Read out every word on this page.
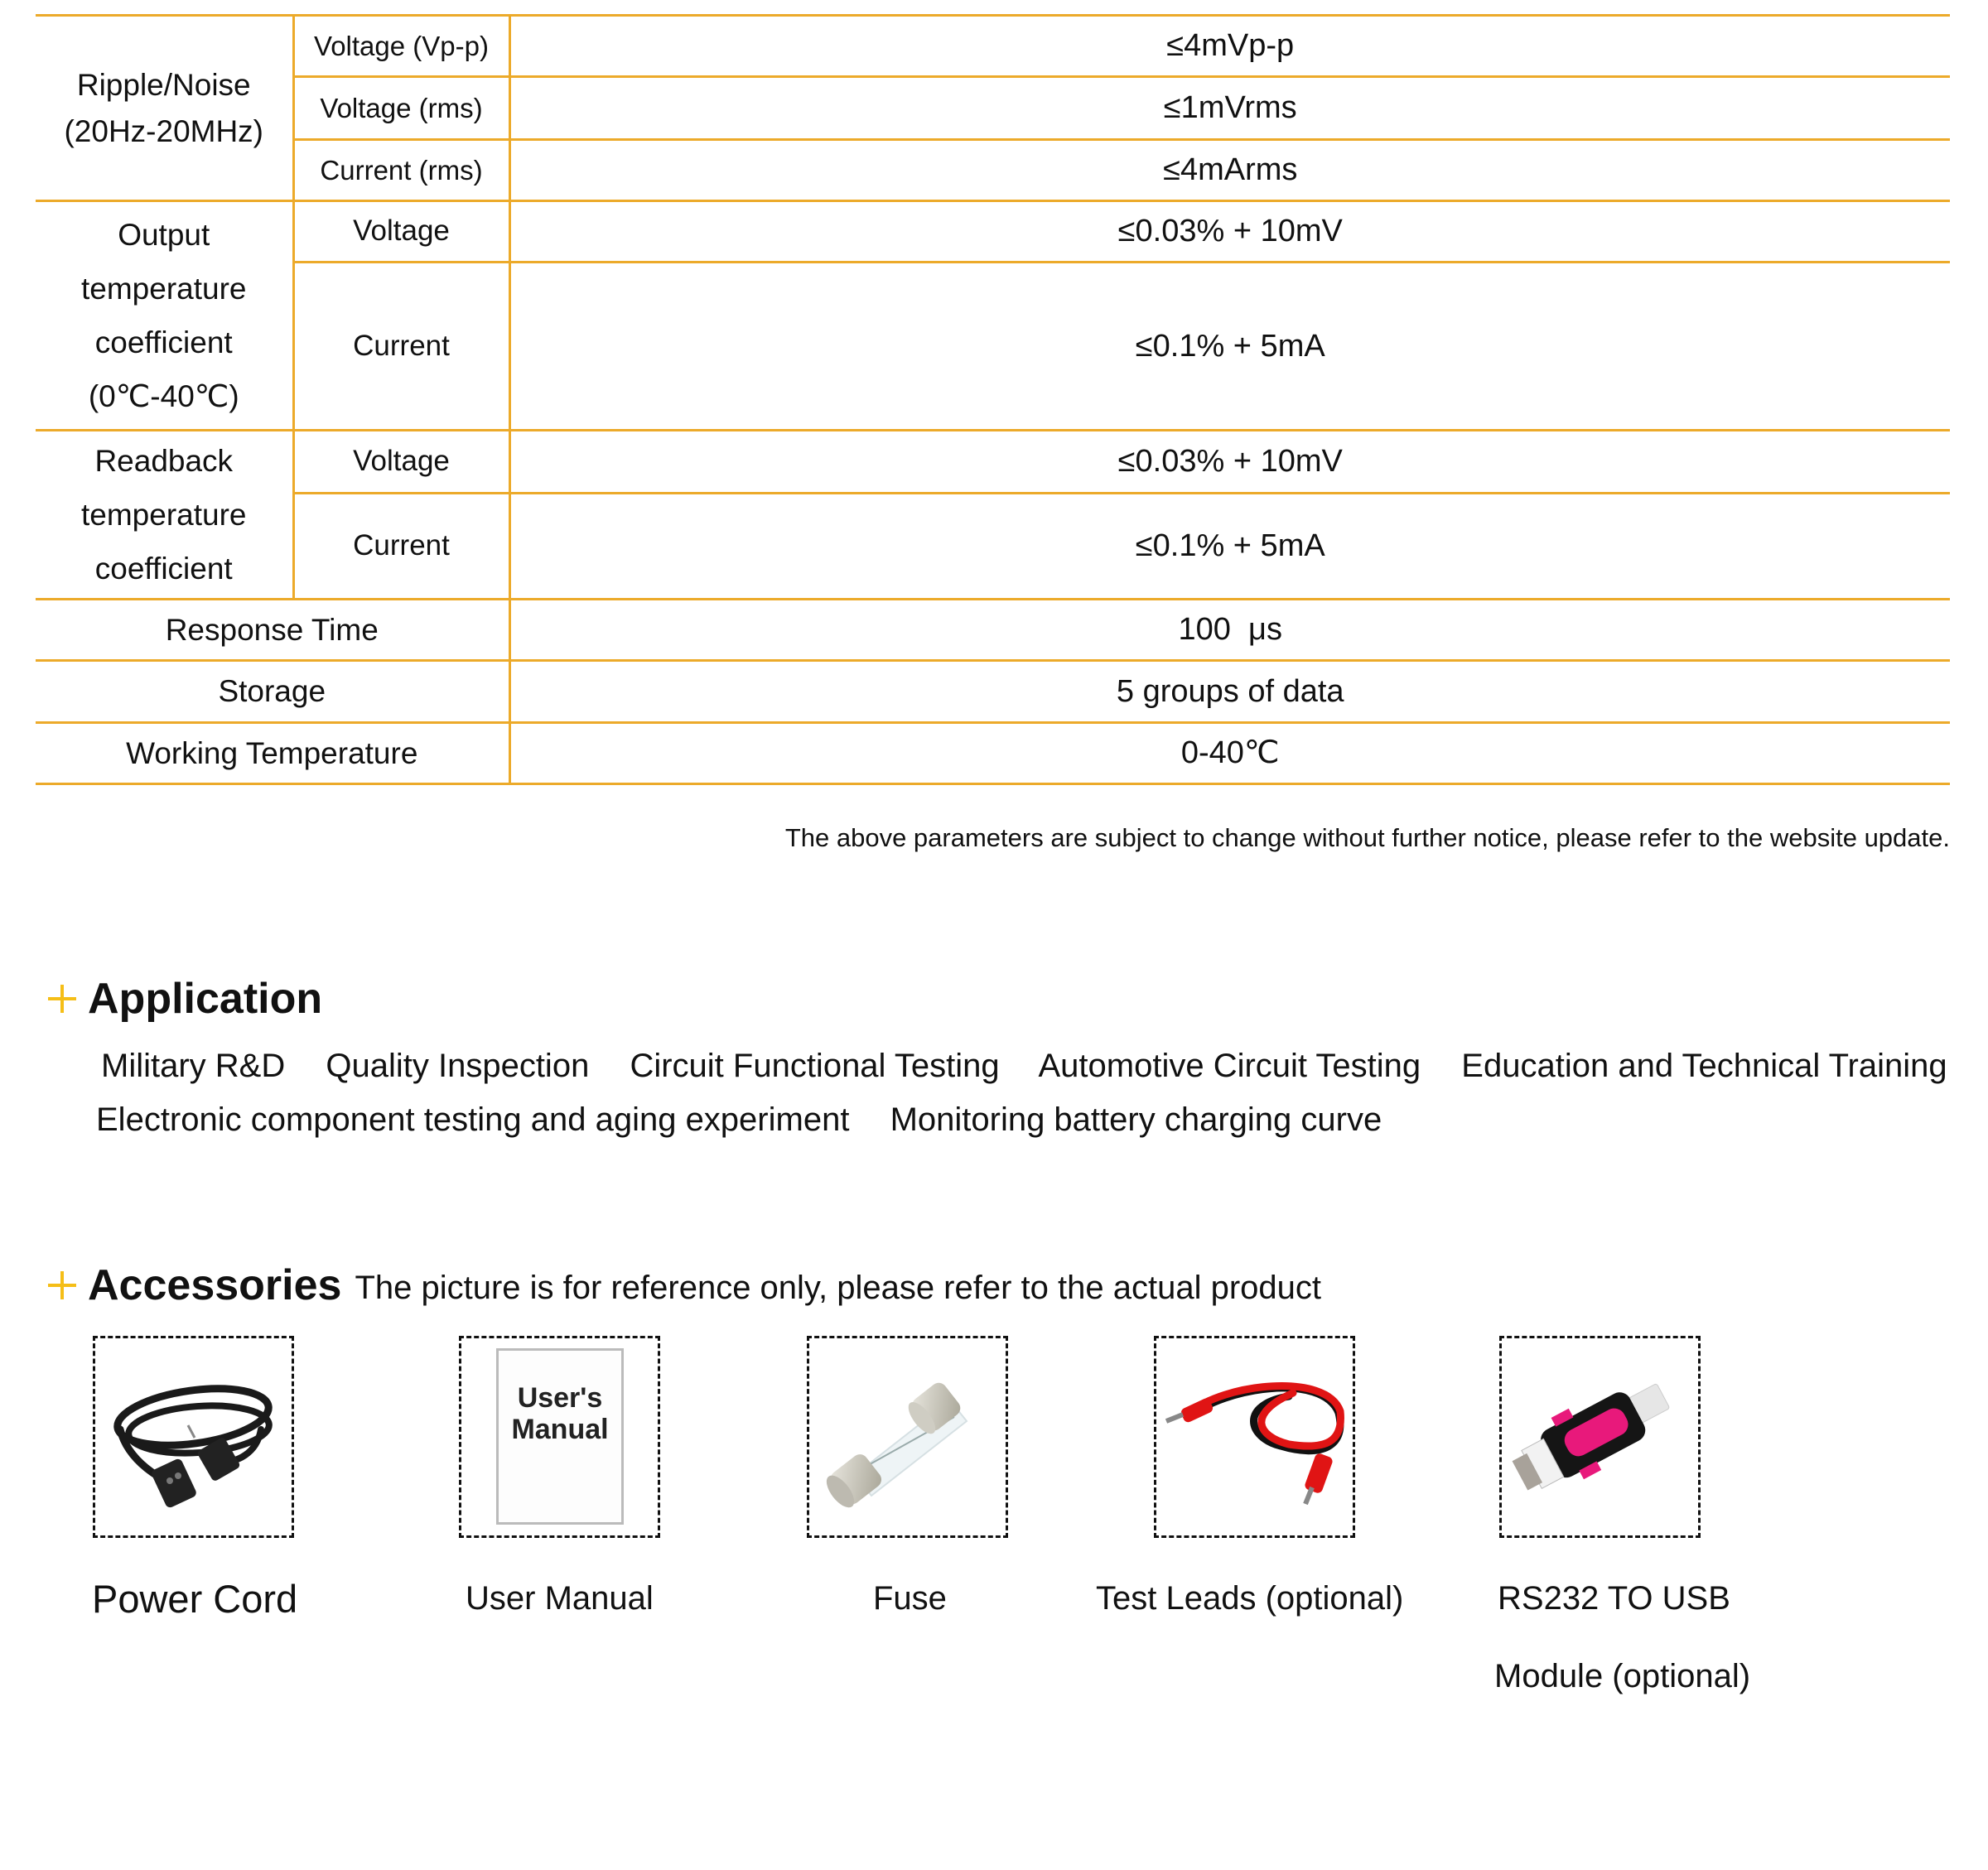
Ripple/Noise
(20Hz-20MHz)	Voltage (Vp-p)	≤4mVp-p
	Voltage (rms)	≤1mVrms
	Current (rms)	≤4mArms

Output
temperature
coefficient
(0℃-40℃)	Voltage	≤0.03% + 10mV
	Current	≤0.1% + 5mA

Readback
temperature
coefficient	Voltage	≤0.03% + 10mV
	Current	≤0.1% + 5mA
Response Time		100  μs
Storage		5 groups of data
Working Temperature		0-40℃
The above parameters are subject to change without further notice, please refer to the website update.
Application
Military R&D Quality Inspection Circuit Functional Testing Automotive Circuit Testing Education and Technical Training
Electronic component testing and aging experiment Monitoring battery charging curve
Accessories The picture is for reference only, please refer to the actual product
User's
Manual
Power Cord	User Manual	Fuse	Test Leads (optional)	RS232 TO USB
Module (optional)
